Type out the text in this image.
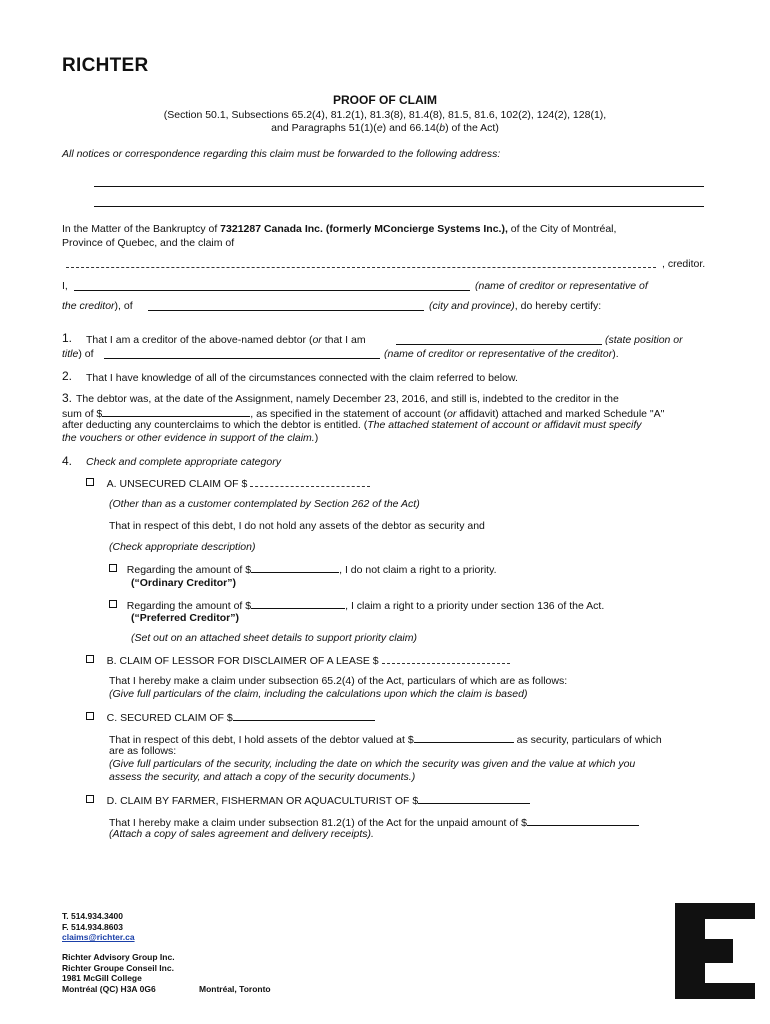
RICHTER
PROOF OF CLAIM
(Section 50.1, Subsections 65.2(4), 81.2(1), 81.3(8), 81.4(8), 81.5, 81.6, 102(2), 124(2), 128(1),
and Paragraphs 51(1)(e) and 66.14(b) of the Act)
All notices or correspondence regarding this claim must be forwarded to the following address:
In the Matter of the Bankruptcy of 7321287 Canada Inc. (formerly MConcierge Systems Inc.), of the City of Montréal,
Province of Quebec, and the claim of
, creditor.
I,	(name of creditor or representative of
the creditor), of	(city and province), do hereby certify:
1. That I am a creditor of the above-named debtor (or that I am	(state position or
title) of	(name of creditor or representative of the creditor).
2. That I have knowledge of all of the circumstances connected with the claim referred to below.
3. The debtor was, at the date of the Assignment, namely December 23, 2016, and still is, indebted to the creditor in the
sum of $	, as specified in the statement of account (or affidavit) attached and marked Schedule "A"
after deducting any counterclaims to which the debtor is entitled. (The attached statement of account or affidavit must specify
the vouchers or other evidence in support of the claim.)
4. Check and complete appropriate category
A. UNSECURED CLAIM OF $
(Other than as a customer contemplated by Section 262 of the Act)
That in respect of this debt, I do not hold any assets of the debtor as security and
(Check appropriate description)
Regarding the amount of $	, I do not claim a right to a priority.
(“Ordinary Creditor”)
Regarding the amount of $	, I claim a right to a priority under section 136 of the Act.
(“Preferred Creditor”)
(Set out on an attached sheet details to support priority claim)
B. CLAIM OF LESSOR FOR DISCLAIMER OF A LEASE $
That I hereby make a claim under subsection 65.2(4) of the Act, particulars of which are as follows:
(Give full particulars of the claim, including the calculations upon which the claim is based)
C. SECURED CLAIM OF $
That in respect of this debt, I hold assets of the debtor valued at $	as security, particulars of which
are as follows:
(Give full particulars of the security, including the date on which the security was given and the value at which you
assess the security, and attach a copy of the security documents.)
D. CLAIM BY FARMER, FISHERMAN OR AQUACULTURIST OF $
That I hereby make a claim under subsection 81.2(1) of the Act for the unpaid amount of $
(Attach a copy of sales agreement and delivery receipts).
T. 514.934.3400
F. 514.934.8603
claims@richter.ca
Richter Advisory Group Inc.
Richter Groupe Conseil Inc.
1981 McGill College
Montréal (QC) H3A 0G6	Montréal, Toronto
